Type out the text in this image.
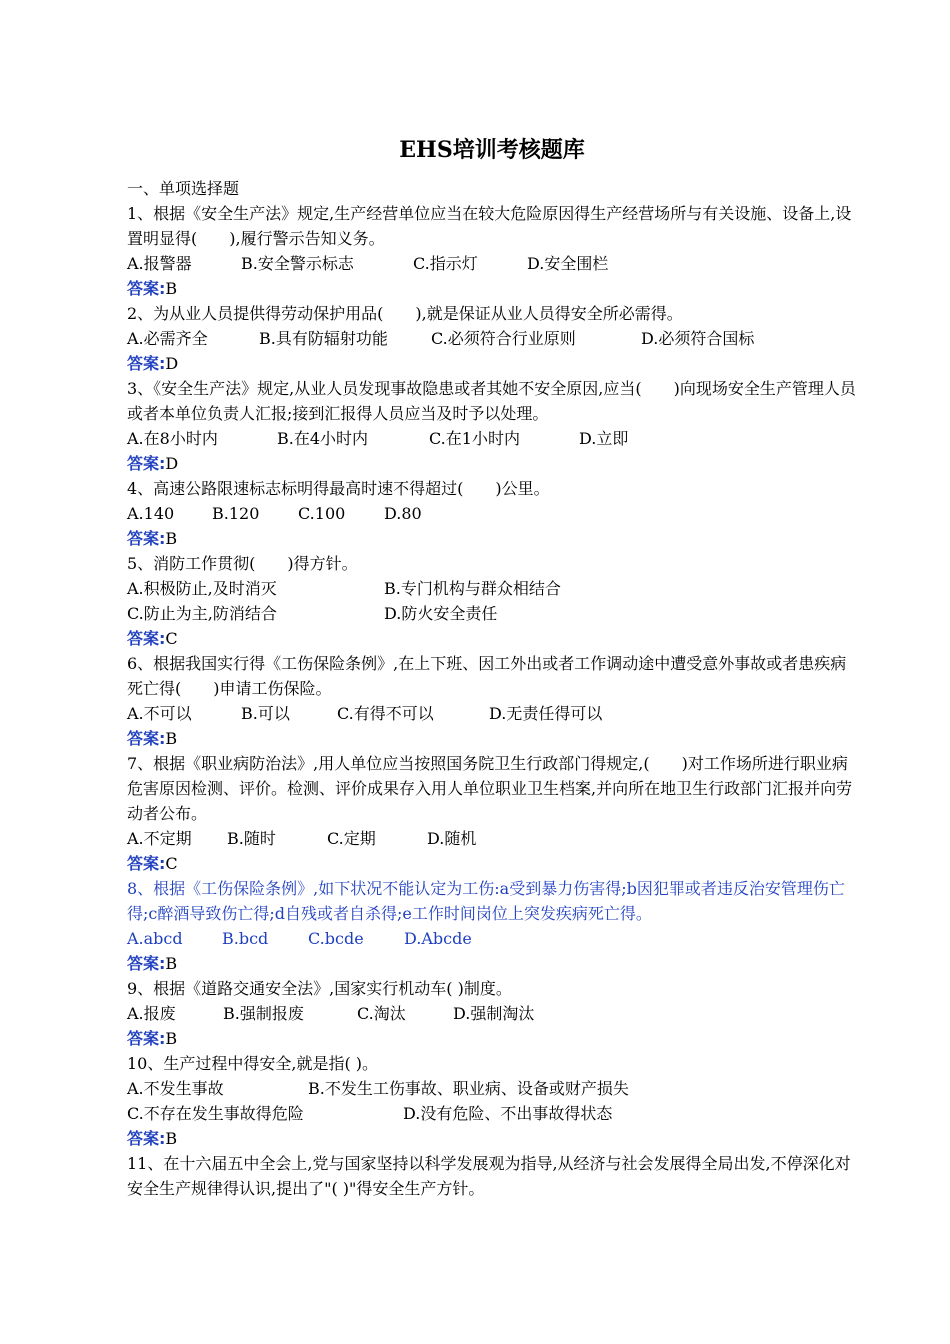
EHS培训考核题库
一、单项选择题
1、根据《安全生产法》规定,生产经营单位应当在较大危险原因得生产经营场所与有关设施、设备上,设置明显得(　　),履行警示告知义务。
A.报警器	B.安全警示标志	C.指示灯	D.安全围栏
答案:B
2、为从业人员提供得劳动保护用品(　　),就是保证从业人员得安全所必需得。
A.必需齐全	B.具有防辐射功能	C.必须符合行业原则	D.必须符合国标
答案:D
3、《安全生产法》规定,从业人员发现事故隐患或者其她不安全原因,应当(　　)向现场安全生产管理人员或者本单位负责人汇报;接到汇报得人员应当及时予以处理。
A.在8小时内	B.在4小时内	C.在1小时内	D.立即
答案:D
4、高速公路限速标志标明得最高时速不得超过(　　)公里。
A.140	B.120	C.100	D.80
答案:B
5、消防工作贯彻(　　)得方针。
A.积极防止,及时消灭	B.专门机构与群众相结合
C.防止为主,防消结合	D.防火安全责任
答案:C
6、根据我国实行得《工伤保险条例》,在上下班、因工外出或者工作调动途中遭受意外事故或者患疾病死亡得(　　)申请工伤保险。
A.不可以	B.可以	C.有得不可以	D.无责任得可以
答案:B
7、根据《职业病防治法》,用人单位应当按照国务院卫生行政部门得规定,(　　)对工作场所进行职业病危害原因检测、评价。检测、评价成果存入用人单位职业卫生档案,并向所在地卫生行政部门汇报并向劳动者公布。
A.不定期	B.随时	C.定期	D.随机
答案:C
8、根据《工伤保险条例》,如下状况不能认定为工伤:a受到暴力伤害得;b因犯罪或者违反治安管理伤亡得;c醉酒导致伤亡得;d自残或者自杀得;e工作时间岗位上突发疾病死亡得。
A.abcd	B.bcd	C.bcde	D.Abcde
答案:B
9、根据《道路交通安全法》,国家实行机动车( )制度。
A.报废	B.强制报废	C.淘汰	D.强制淘汰
答案:B
10、生产过程中得安全,就是指( )。
A.不发生事故	B.不发生工伤事故、职业病、设备或财产损失
C.不存在发生事故得危险	D.没有危险、不出事故得状态
答案:B
11、在十六届五中全会上,党与国家坚持以科学发展观为指导,从经济与社会发展得全局出发,不停深化对安全生产规律得认识,提出了"( )"得安全生产方针。
